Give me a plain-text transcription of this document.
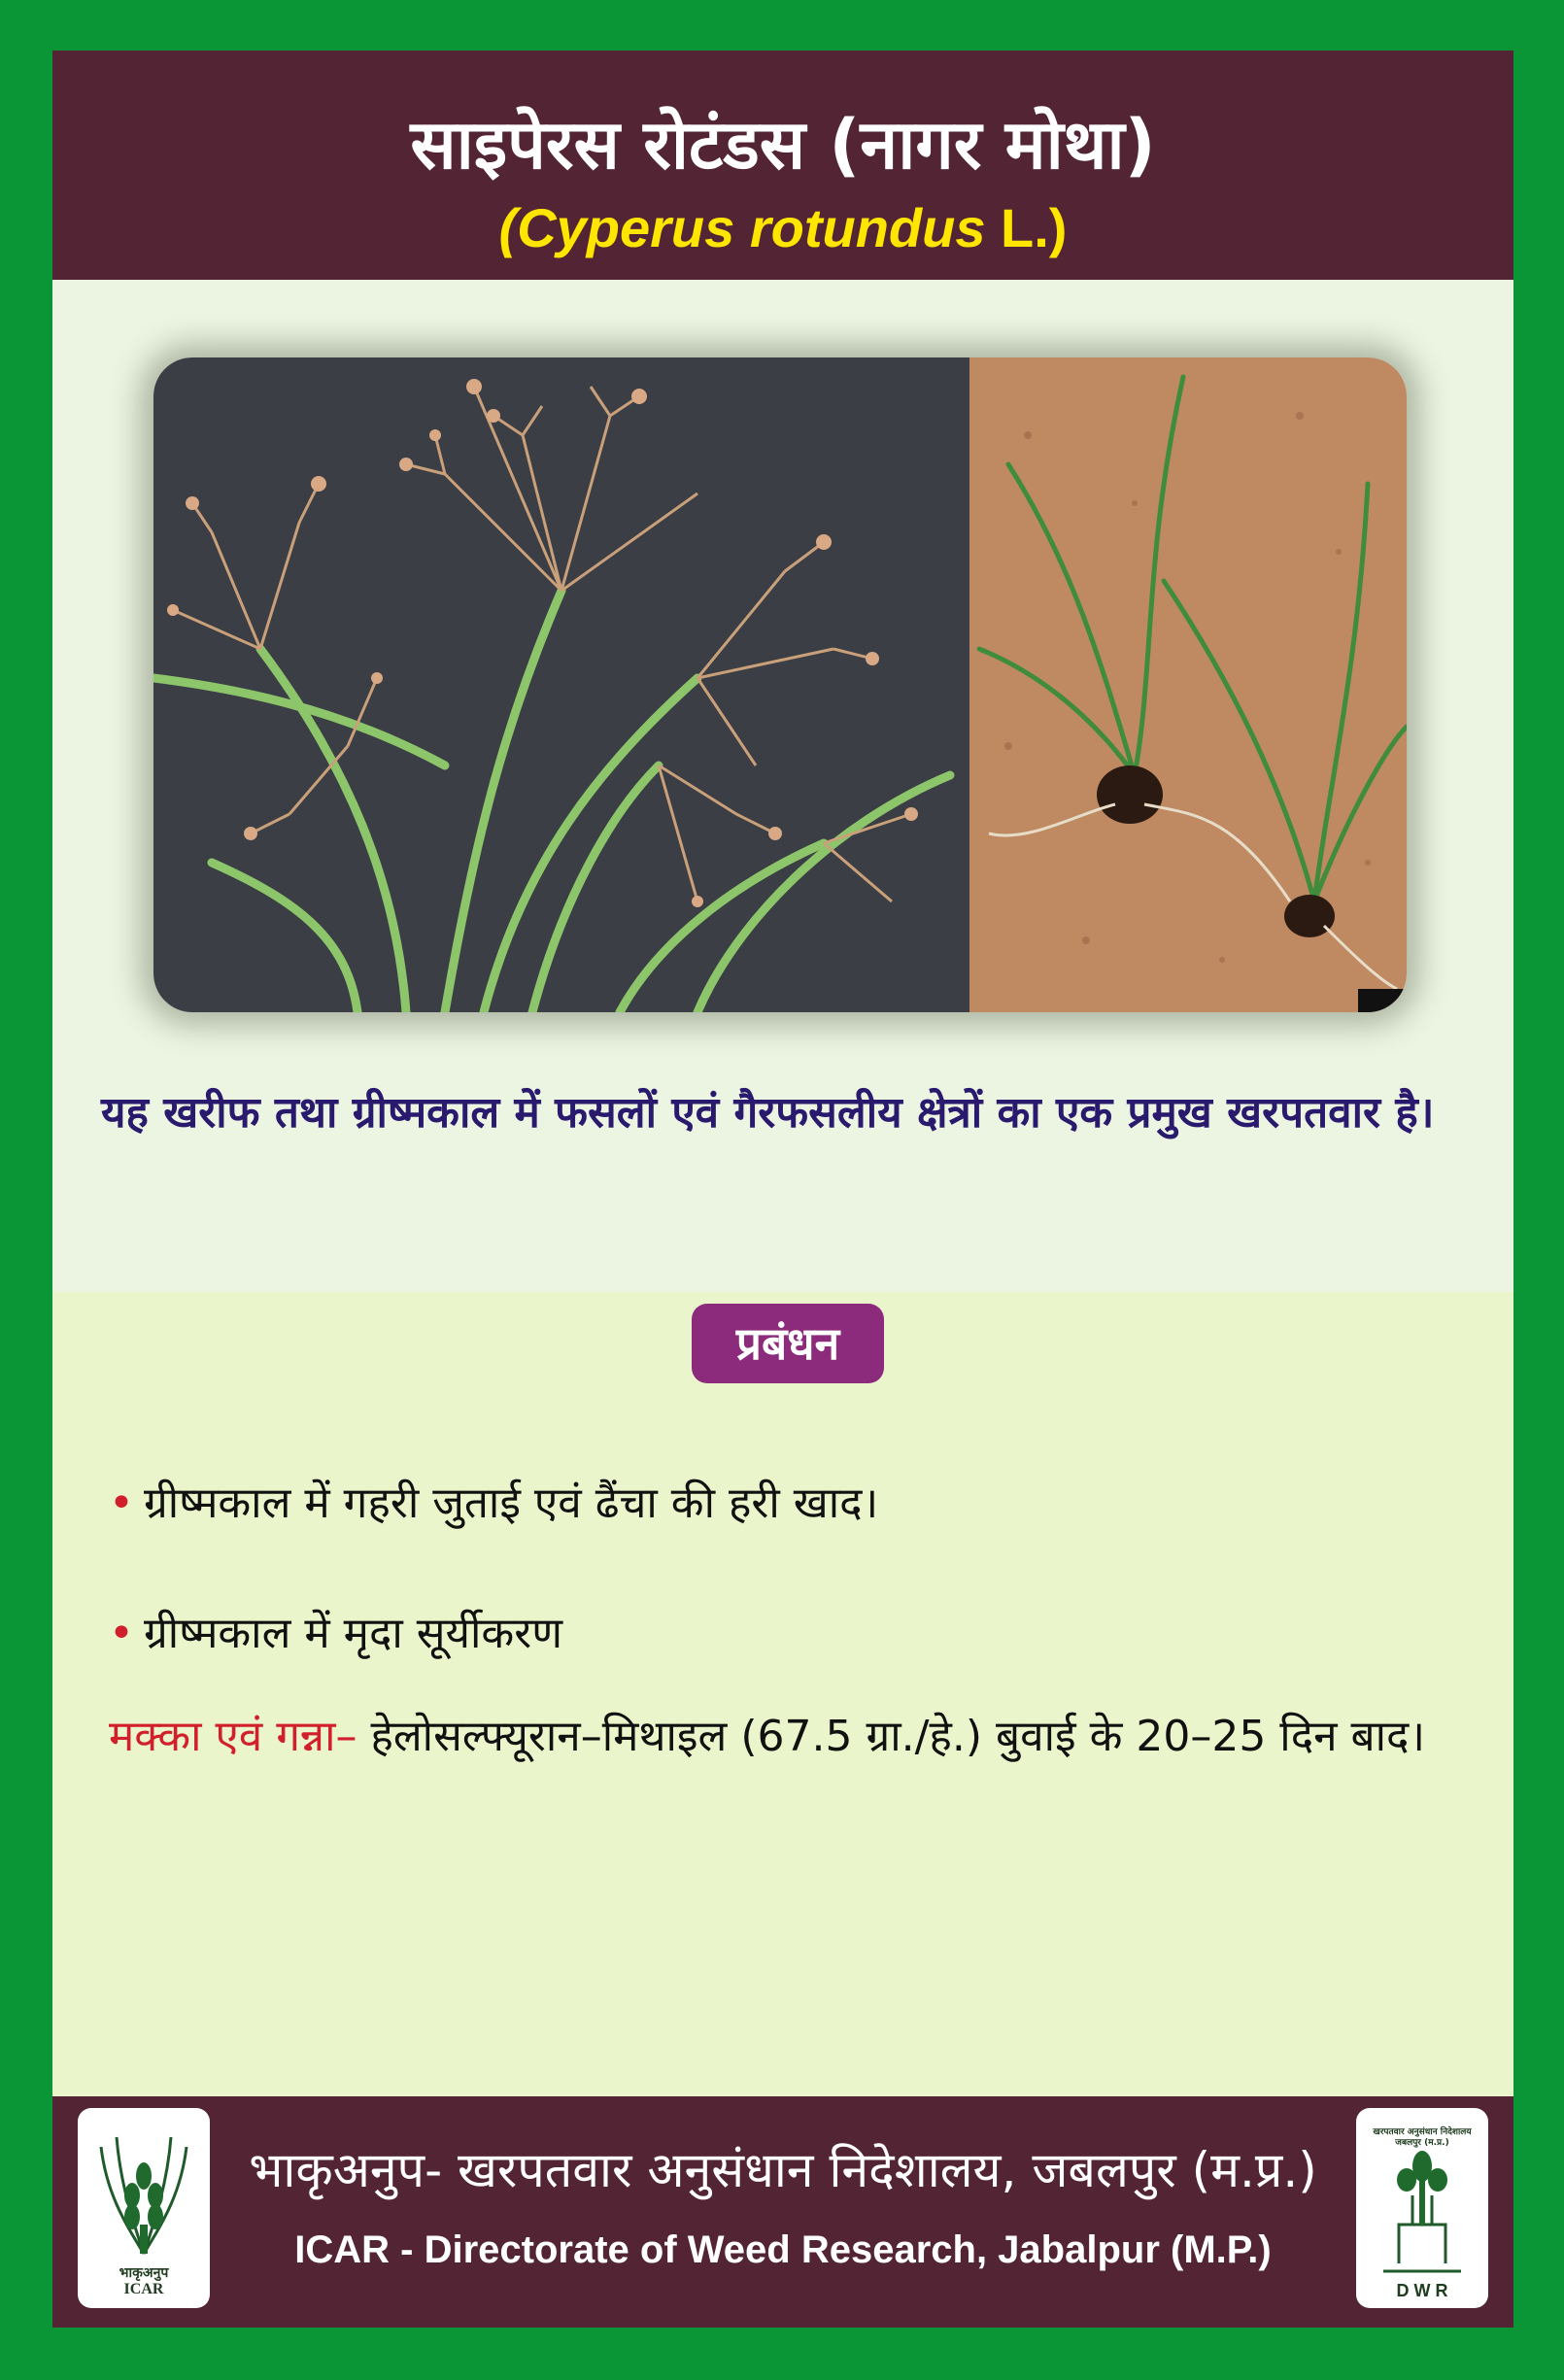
साइपेरस रोटंडस (नागर मोथा)
(Cyperus rotundus L.)
यह खरीफ तथा ग्रीष्मकाल में फसलों एवं गैरफसलीय क्षेत्रों का एक प्रमुख खरपतवार है।
प्रबंधन
• ग्रीष्मकाल में गहरी जुताई एवं ढैंचा की हरी खाद।
• ग्रीष्मकाल में मृदा सूर्यीकरण
मक्का एवं गन्ना– हेलोसल्फ्यूरान–मिथाइल (67.5 ग्रा./हे.) बुवाई के 20–25 दिन बाद।
भाकृअनुप
ICAR
भाकृअनुप- खरपतवार अनुसंधान निदेशालय, जबलपुर (म.प्र.)
ICAR - Directorate of Weed Research, Jabalpur (M.P.)
खरपतवार अनुसंधान निदेशालय जबलपुर (म.प्र.)
D W R
